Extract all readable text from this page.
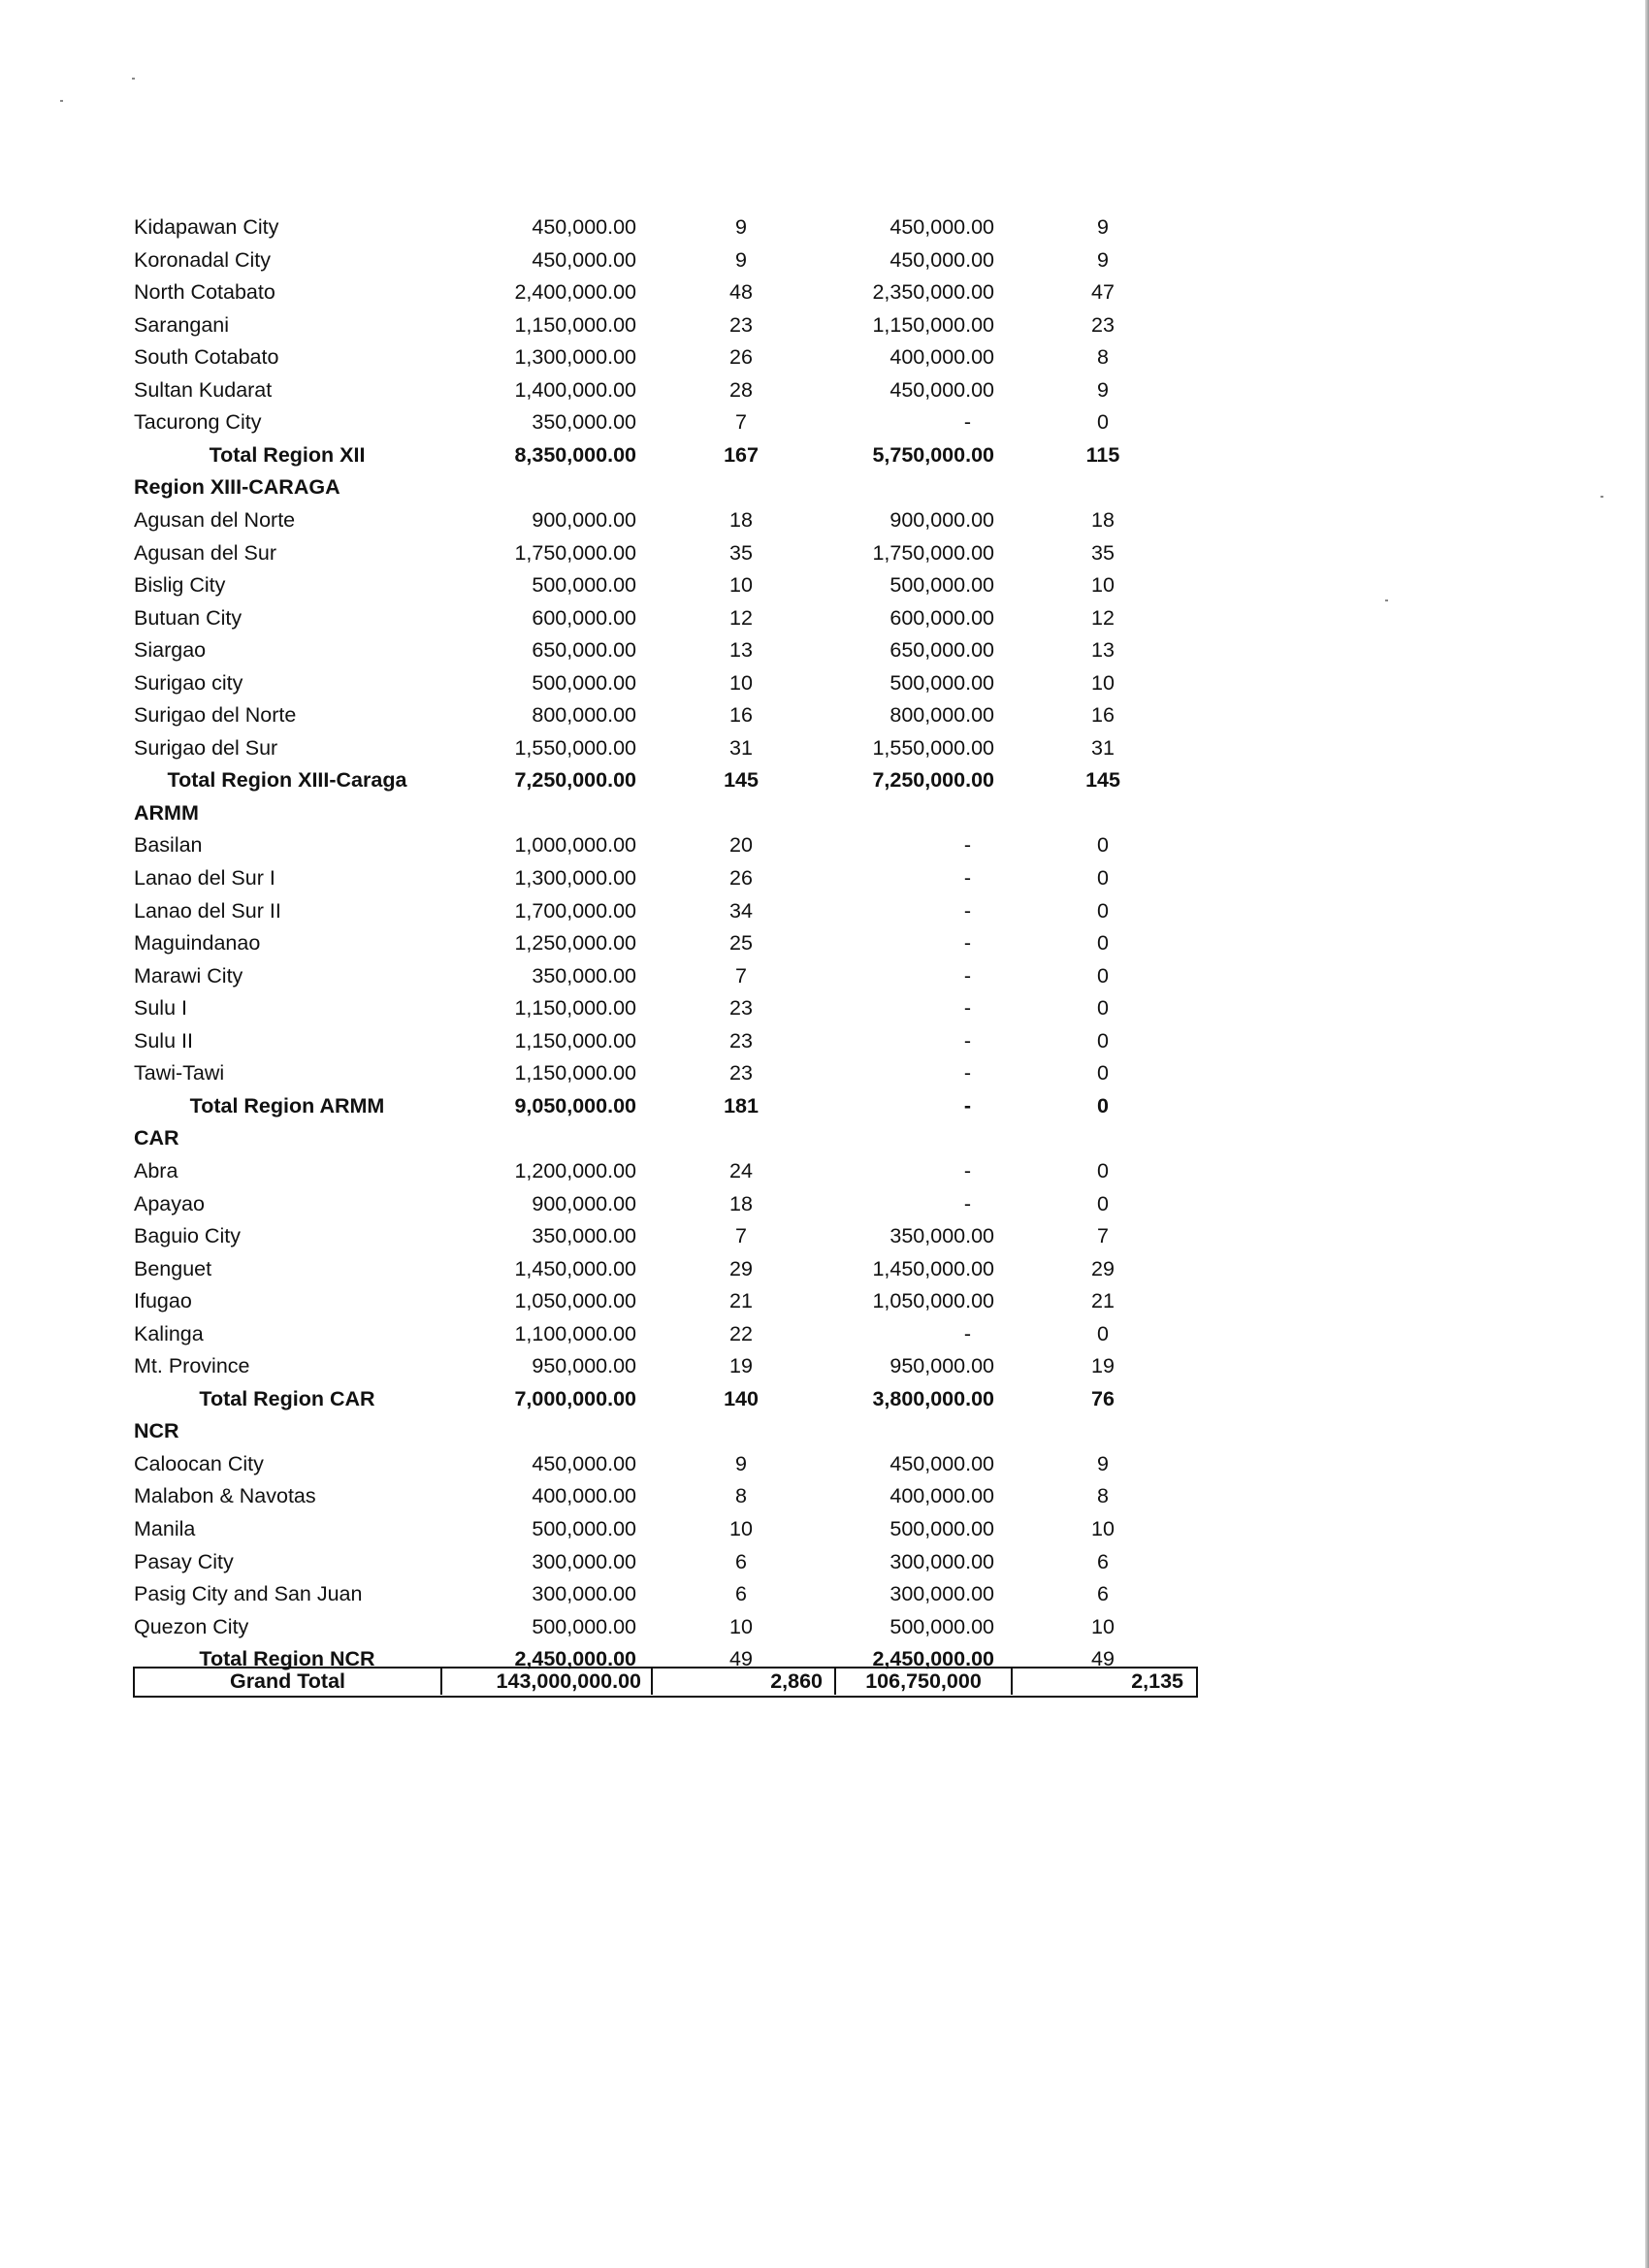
Kidapawan City	450,000.00	9	450,000.00	9
Koronadal City	450,000.00	9	450,000.00	9
North Cotabato	2,400,000.00	48	2,350,000.00	47
Sarangani	1,150,000.00	23	1,150,000.00	23
South Cotabato	1,300,000.00	26	400,000.00	8
Sultan Kudarat	1,400,000.00	28	450,000.00	9
Tacurong City	350,000.00	7	-	0
Total Region XII	8,350,000.00	167	5,750,000.00	115
Region XIII-CARAGA
Agusan del Norte	900,000.00	18	900,000.00	18
Agusan del Sur	1,750,000.00	35	1,750,000.00	35
Bislig City	500,000.00	10	500,000.00	10
Butuan City	600,000.00	12	600,000.00	12
Siargao	650,000.00	13	650,000.00	13
Surigao city	500,000.00	10	500,000.00	10
Surigao del Norte	800,000.00	16	800,000.00	16
Surigao del Sur	1,550,000.00	31	1,550,000.00	31
Total Region XIII-Caraga	7,250,000.00	145	7,250,000.00	145
ARMM
Basilan	1,000,000.00	20	-	0
Lanao del Sur I	1,300,000.00	26	-	0
Lanao del Sur II	1,700,000.00	34	-	0
Maguindanao	1,250,000.00	25	-	0
Marawi City	350,000.00	7	-	0
Sulu I	1,150,000.00	23	-	0
Sulu II	1,150,000.00	23	-	0
Tawi-Tawi	1,150,000.00	23	-	0
Total Region ARMM	9,050,000.00	181	-	0
CAR
Abra	1,200,000.00	24	-	0
Apayao	900,000.00	18	-	0
Baguio City	350,000.00	7	350,000.00	7
Benguet	1,450,000.00	29	1,450,000.00	29
Ifugao	1,050,000.00	21	1,050,000.00	21
Kalinga	1,100,000.00	22	-	0
Mt. Province	950,000.00	19	950,000.00	19
Total Region CAR	7,000,000.00	140	3,800,000.00	76
NCR
Caloocan City	450,000.00	9	450,000.00	9
Malabon & Navotas	400,000.00	8	400,000.00	8
Manila	500,000.00	10	500,000.00	10
Pasay City	300,000.00	6	300,000.00	6
Pasig City and San Juan	300,000.00	6	300,000.00	6
Quezon City	500,000.00	10	500,000.00	10
Total Region NCR	2,450,000.00	49	2,450,000.00	49
Grand Total	143,000,000.00	2,860	106,750,000	2,135
